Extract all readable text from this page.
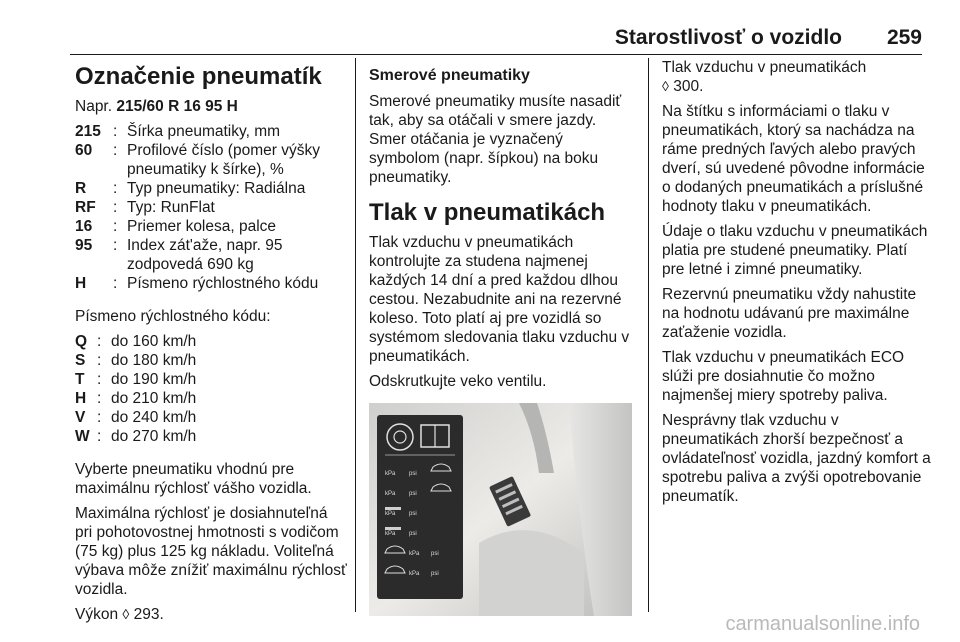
Starostlivosť o vozidlo 259
Označenie pneumatík

Napr. 215/60 R 16 95 H

215	:	Šírka pneumatiky, mm
60	:	Profilové číslo (pomer výšky pneumatiky k šírke), %
R	:	Typ pneumatiky: Radiálna
RF	:	Typ: RunFlat
16	:	Priemer kolesa, palce
95	:	Index zát'aže, napr. 95 zodpovedá 690 kg
H	:	Písmeno rýchlostného kódu

Písmeno rýchlostného kódu:

Q	:	do 160 km/h
S	:	do 180 km/h
T	:	do 190 km/h
H	:	do 210 km/h
V	:	do 240 km/h
W	:	do 270 km/h

Vyberte pneumatiku vhodnú pre maximálnu rýchlosť vášho vozidla.

Maximálna rýchlosť je dosiahnuteľná pri pohotovostnej hmotnosti s vodičom (75 kg) plus 125 kg nákladu. Voliteľná výbava môže znížiť maximálnu rýchlosť vozidla.

Výkon ◊ 293.

Smerové pneumatiky

Smerové pneumatiky musíte nasadiť tak, aby sa otáčali v smere jazdy. Smer otáčania je vyznačený symbolom (napr. šípkou) na boku pneumatiky.

Tlak v pneumatikách

Tlak vzduchu v pneumatikách kontrolujte za studena najmenej každých 14 dní a pred každou dlhou cestou. Nezabudnite ani na rezervné koleso. Toto platí aj pre vozidlá so systémom sledovania tlaku vzduchu v pneumatikách.

Odskrutkujte veko ventilu.

kPa psi
kPa psi
kPa psi
kPa psi
kPa psi
kPa psi

Tlak vzduchu v pneumatikách
◊ 300.

Na štítku s informáciami o tlaku v pneumatikách, ktorý sa nachádza na ráme predných ľavých alebo pravých dverí, sú uvedené pôvodne informácie o dodaných pneumatikách a príslušné hodnoty tlaku v pneumatikách.

Údaje o tlaku vzduchu v pneumatikách platia pre studené pneumatiky. Platí pre letné i zimné pneumatiky.

Rezervnú pneumatiku vždy nahustite na hodnotu udávanú pre maximálne zaťaženie vozidla.

Tlak vzduchu v pneumatikách ECO slúži pre dosiahnutie čo možno najmenšej miery spotreby paliva.

Nesprávny tlak vzduchu v pneumatikách zhorší bezpečnosť a ovládateľnosť vozidla, jazdný komfort a spotrebu paliva a zvýši opotrebovanie pneumatík.

carmanualsonline.info
